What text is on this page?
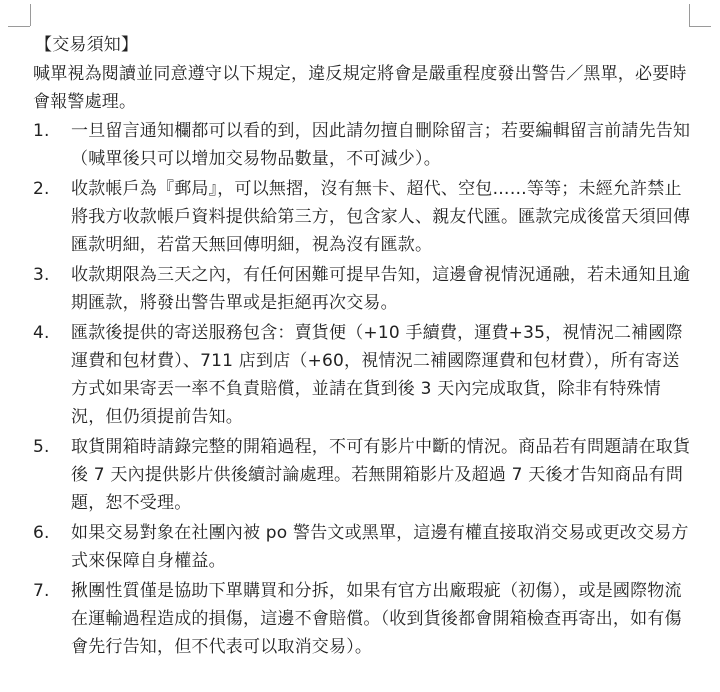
【交易須知】

喊單視為閱讀並同意遵守以下規定，違反規定將會是嚴重程度發出警告／黑單，必要時會報警處理。

1. 一旦留言通知欄都可以看的到，因此請勿擅自刪除留言；若要編輯留言前請先告知（喊單後只可以增加交易物品數量，不可減少）。
2. 收款帳戶為『郵局』，可以無摺，沒有無卡、超代、空包……等等；未經允許禁止將我方收款帳戶資料提供給第三方，包含家人、親友代匯。匯款完成後當天須回傳匯款明細，若當天無回傳明細，視為沒有匯款。
3. 收款期限為三天之內，有任何困難可提早告知，這邊會視情況通融，若未通知且逾期匯款，將發出警告單或是拒絕再次交易。
4. 匯款後提供的寄送服務包含：賣貨便（+10 手續費，運費+35，視情況二補國際運費和包材費）、711 店到店（+60，視情況二補國際運費和包材費），所有寄送方式如果寄丟一率不負責賠償，並請在貨到後 3 天內完成取貨，除非有特殊情況，但仍須提前告知。
5. 取貨開箱時請錄完整的開箱過程，不可有影片中斷的情況。商品若有問題請在取貨後 7 天內提供影片供後續討論處理。若無開箱影片及超過 7 天後才告知商品有問題，恕不受理。
6. 如果交易對象在社團內被 po 警告文或黑單，這邊有權直接取消交易或更改交易方式來保障自身權益。
7. 揪團性質僅是協助下單購買和分拆，如果有官方出廠瑕疵（初傷），或是國際物流在運輸過程造成的損傷，這邊不會賠償。（收到貨後都會開箱檢查再寄出，如有傷會先行告知，但不代表可以取消交易）。
